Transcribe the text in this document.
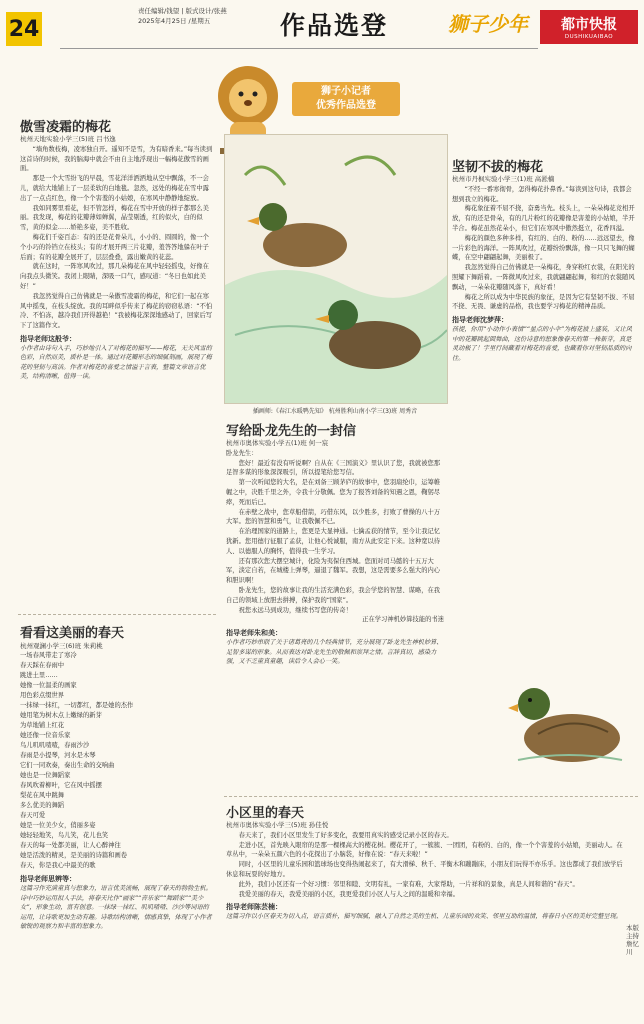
24
责任编辑/钱望 | 版式设计/张燕
2025年4月25日 /星期五	作品选登	狮子少年 都市快报
DUSHIKUAIBAO
狮子小记者
优秀作品选登
傲雪凌霜的梅花
杭州天地实验小学三(5)班 吕书逸

“墙角数枝梅，凌寒独自开。遥知不是雪，为有暗香来。”每当读到这首诗的时候，我的脑海中就会不由自主地浮现出一幅梅花傲雪的画面。

那是一个大雪纷飞的早晨，雪花洋洋洒洒地从空中飘落，不一会儿，就给大地铺上了一层柔软的白地毯。忽然，远处的梅花在雪中露出了一点点红色，像一个个害羞的小姑娘，在寒风中静静地绽放。

我如同雾里看花，但不管怎样，梅花在雪中开放的样子都那么美丽。我发现，梅花的花瓣薄如蝉翼，晶莹剔透，红的似火，白的似雪，黄的似金……娇艳多姿，美不胜收。

梅花们千姿百态：有的还是花骨朵儿，小小的、圆圆的，像一个个小巧的铃铛立在枝头；有的才展开两三片花瓣，羞答答地躲在叶子后面；有的花瓣全展开了，层层叠叠，露出嫩黄的花蕊。

就在这时，一阵寒风吹过，那几朵梅花在风中轻轻摇曳，好像在向我点头微笑。我闭上眼睛，深吸一口气，感叹道：“冬日也如此美好！”

我忽然觉得自己仿佛就是一朵傲雪凌霜的梅花，和它们一起在寒风中摇曳，在枝头绽放。我的耳畔似乎传来了梅花的窃窃私语：“不怕冷、不怕冻，越冷我们开得越艳！”我被梅花深深地感动了，回家后写下了这篇作文。

指导老师这般爷：
小作者由诗句入手，巧妙地引入了对梅花的描写——梅花，无关风雪的色彩，自然而美，质朴是一体。通过对花瓣形态的细腻刻画，展现了梅花的坚韧与高洁。作者对梅花的喜爱之情溢于言表，整篇文章语言优美，结构清晰，值得一读。
看看这美丽的春天
杭州观澜小学三(6)班 朱莉桃
一场春风带走了寒冷
春天踩在春雨中
跳进土里……
她像一位温柔的画家
用色彩点缀世界
一抹绿一抹红，一切都红，都是她的杰作
她用笔为树木点上嫩绿的新芽
为草地铺上红花
她还像一位音乐家
鸟儿叽叽喳喳，春雨沙沙
春雨是小提琴，河水是木琴
它们一同欢奏，奏出生命的交响曲
她也是一位舞蹈家
春风吹着柳叶，它在风中摇摆
梨花在风中跳舞
多么优美的舞蹈
春天可爱
她是一位美少女，俏丽多姿
她轻轻地笑，鸟儿笑，花儿也笑
春天的每一处都美丽，让人心醉神往
她是活泼的精灵，是美丽的诗篇和画卷
春天，你是我心中最美的歌
指导老师思辨等：
这篇习作充满童真与想象力，语言优美流畅，展现了春天的勃勃生机。诗中巧妙运用拟人手法，将春天比作“画家”“音乐家”“舞蹈家”“美少女”，形象生动，富有创意。一抹绿一抹红、叽叽喳喳、沙沙等词语的运用，让诗歌更加生动有趣。诗歌结构清晰，情感真挚，体现了小作者敏锐的观察力和丰富的想象力。
插画师:《春江水暖鸭先知》 杭州胜利山南小学三(3)班 周秀音
写给卧龙先生的一封信
杭州市奥体实验小学五(1)班 何一宸
卧龙先生：

您好！最近有没有听说啊？自从在《三国演义》里认识了您，我就被您那足智多谋的形象深深吸引，所以提笔给您写信。

第一次听闻您的大名，是在刘备三顾茅庐的故事中，您羽扇纶巾，运筹帷幄之中，决胜千里之外，令我十分敬佩。您为了报答刘备的知遇之恩，鞠躬尽瘁，死而后已。

在赤壁之战中，您草船借箭，巧借东风，以少胜多，打败了曹操的八十万大军。您的智慧和勇气，让我敬佩不已。

在治理国家的道路上，您更是大显神通。七擒孟获的情节，至今让我记忆犹新。您用德行征服了孟获，让他心悦诚服，南方从此安定下来。这种宽以待人、以德服人的胸怀，值得我一生学习。

还有那次您大摆空城计，化险为夷保住西城。您面对司马懿的十五万大军，淡定自若，在城楼上弹琴，逼退了魏军。我想，这是需要多么强大的内心和胆识啊！

卧龙先生，您的故事让我的生活充满色彩，我会学您的智慧、谋略，在我自己的领域上放胆去拼搏，保护我的“国家”。

祝您永远马到成功，继续书写您的传奇！

正在学习神机妙算技能的书迷
指导老师朱和美：
小作者巧妙串联了关于诸葛亮的几个经典情节，充分展现了卧龙先生神机妙算、足智多谋的形象。从而表达对卧龙先生的敬佩和崇拜之情。言辞真切，感染力强，又不乏童真童趣，读后令人会心一笑。
坚韧不拔的梅花
杭州市丹枫实验小学三(1)班 高淞楠

“不经一番寒彻骨，怎得梅花扑鼻香。”每读到这句诗，我都会想到我立的梅花。

梅花象征着不屈不挠，奋勇当先。枝头上，一朵朵梅花竞相开放，有的还是骨朵，有的几片粉红的花瓣像是害羞的小姑娘，半开半合。梅花虽然花朵小，但它们在寒风中傲然挺立，花香四溢。

梅花的颜色多种多样，有红的、白的、粉的……远远望去，像一片彩色的海洋。一阵风吹过，花瓣纷纷飘落，像一只只飞舞的蝴蝶，在空中翩翩起舞，美丽极了。

我忽然觉得自己仿佛就是一朵梅花，身穿粉红衣裳，在阳光的照耀下舞蹈着。一阵微风吹过来，我就翩翩起舞，和红的衣裳随风飘动，一朵朵花瓣随风落下，真好看！

梅花之所以成为中华民族的象征，是因为它有坚韧不拔、不屈不挠、无畏、谦虚的品格，我也要学习梅花的精神品质。

指导老师沈梦萍：
孩提，你用“小动作小表情”“星点的小伞”为梅花披上盛装，又让风中的花瓣跳起圆舞曲，这份诗意的想象像春天的第一株新芽，真是灵动极了！字里行间藏着对梅花的喜爱，也藏着你对坚韧品质的向往。
小区里的春天
杭州市奥体实验小学三(5)班 孙佳悦

春天来了，我们小区里发生了好多变化，我要用真实的感受记录小区的春天。

走进小区，首先映入眼帘的是那一棵棵高大的樱花树。樱花开了，一簇簇、一团团，有粉的、白的，像一个个害羞的小姑娘，美丽动人。在草丛中，一朵朵五颜六色的小花探出了小脑袋，好像在说：“春天来啦！”

同时，小区里的儿童乐园和篮球场也变得热闹起来了，有大滑梯、秋千、平衡木和蹦蹦床，小朋友们玩得不亦乐乎。这也都成了我们放学后休息和玩耍的好地方。

此外，我们小区还有一个好习惯：邻里和睦、文明有礼，一家有难，大家帮助，一片祥和的景象，真是人间和谐的“春天”。

我爱美丽的春天，我爱美丽的小区，我更爱我们小区人与人之间的温暖和幸福。

指导老师陈芸楠：
这篇习作以小区春天为切入点，语言质朴，描写细腻，融入了自然之美的生机、儿童乐园的欢笑、邻里互助的温情，将春日小区的美好完整呈现。
本版主持 詹忆川
